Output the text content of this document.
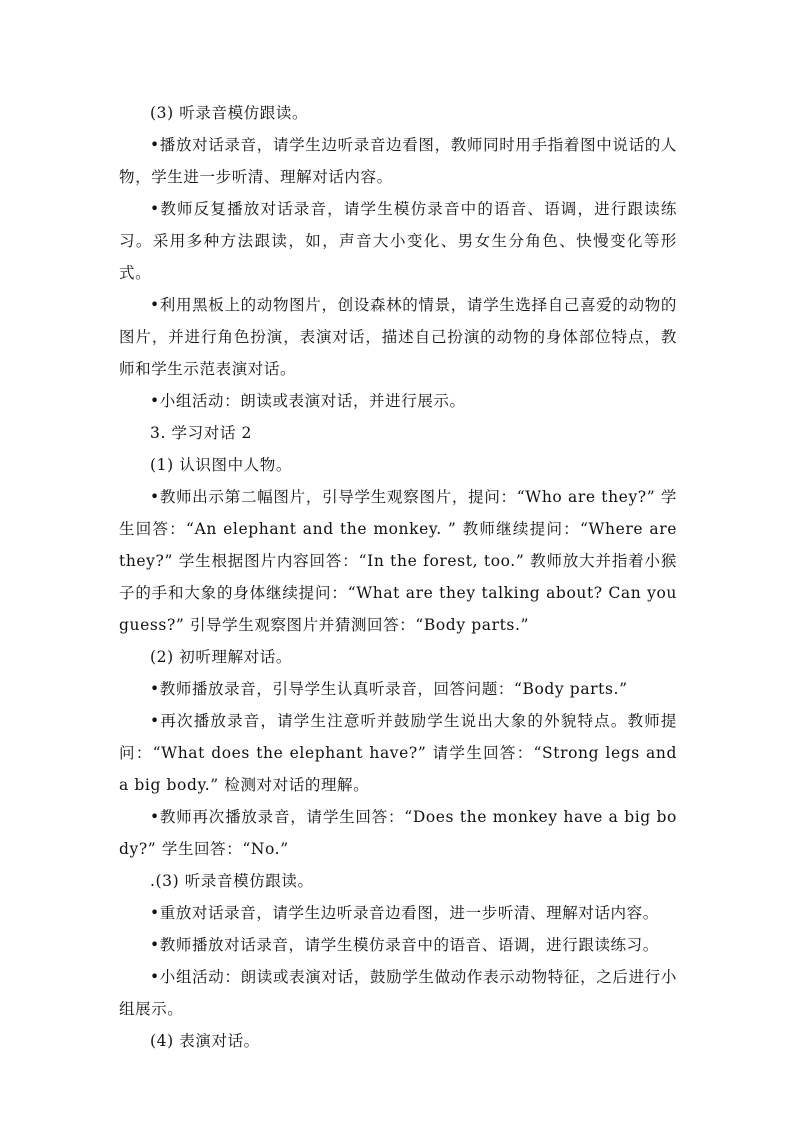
(3) 听录音模仿跟读。

•播放对话录音，请学生边听录音边看图，教师同时用手指着图中说话的人物，学生进一步听清、理解对话内容。

•教师反复播放对话录音，请学生模仿录音中的语音、语调，进行跟读练习。采用多种方法跟读，如，声音大小变化、男女生分角色、快慢变化等形式。

•利用黑板上的动物图片，创设森林的情景，请学生选择自己喜爱的动物的图片，并进行角色扮演，表演对话，描述自己扮演的动物的身体部位特点，教师和学生示范表演对话。

•小组活动：朗读或表演对话，并进行展示。

3. 学习对话 2

(1) 认识图中人物。

•教师出示第二幅图片，引导学生观察图片，提问：“Who are they?” 学生回答：“An elephant and the monkey. ” 教师继续提问：“Where are they?” 学生根据图片内容回答：“In the forest, too.” 教师放大并指着小猴子的手和大象的身体继续提问：“What are they talking about? Can you guess?” 引导学生观察图片并猜测回答：“Body parts.”

(2) 初听理解对话。

•教师播放录音，引导学生认真听录音，回答问题：“Body parts.”

•再次播放录音，请学生注意听并鼓励学生说出大象的外貌特点。教师提问：“What does the elephant have?” 请学生回答：“Strong legs and a big body.” 检测对对话的理解。

•教师再次播放录音，请学生回答：“Does the monkey have a big body?” 学生回答：“No.”

.(3) 听录音模仿跟读。

•重放对话录音，请学生边听录音边看图，进一步听清、理解对话内容。

•教师播放对话录音，请学生模仿录音中的语音、语调，进行跟读练习。

•小组活动：朗读或表演对话，鼓励学生做动作表示动物特征，之后进行小组展示。

(4) 表演对话。
